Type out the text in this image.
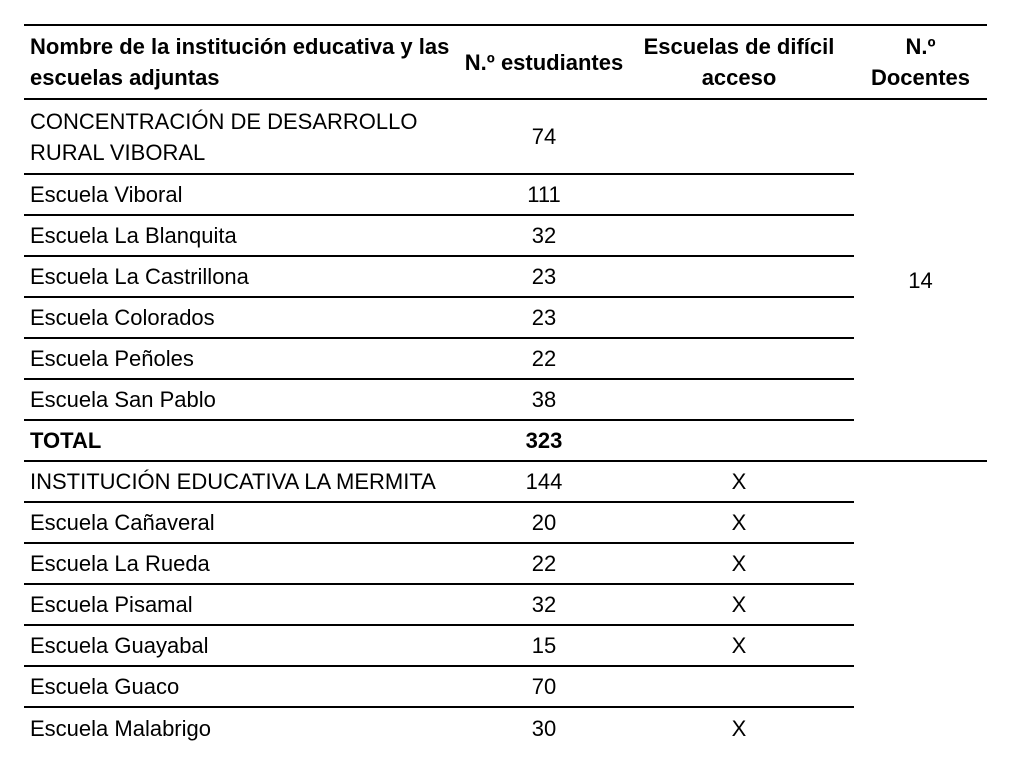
Nombre de la institución educativa y las escuelas adjuntas	N.º estudiantes	Escuelas de difícil acceso	N.º Docentes
CONCENTRACIÓN DE DESARROLLO RURAL VIBORAL	74		14
Escuela Viboral	111		
Escuela La Blanquita	32		
Escuela La Castrillona	23		
Escuela Colorados	23		
Escuela Peñoles	22		
Escuela San Pablo	38		
TOTAL	323		
INSTITUCIÓN EDUCATIVA LA MERMITA	144	X	
Escuela Cañaveral	20	X	
Escuela La Rueda	22	X	
Escuela Pisamal	32	X	
Escuela Guayabal	15	X	
Escuela Guaco	70		
Escuela Malabrigo	30	X	
